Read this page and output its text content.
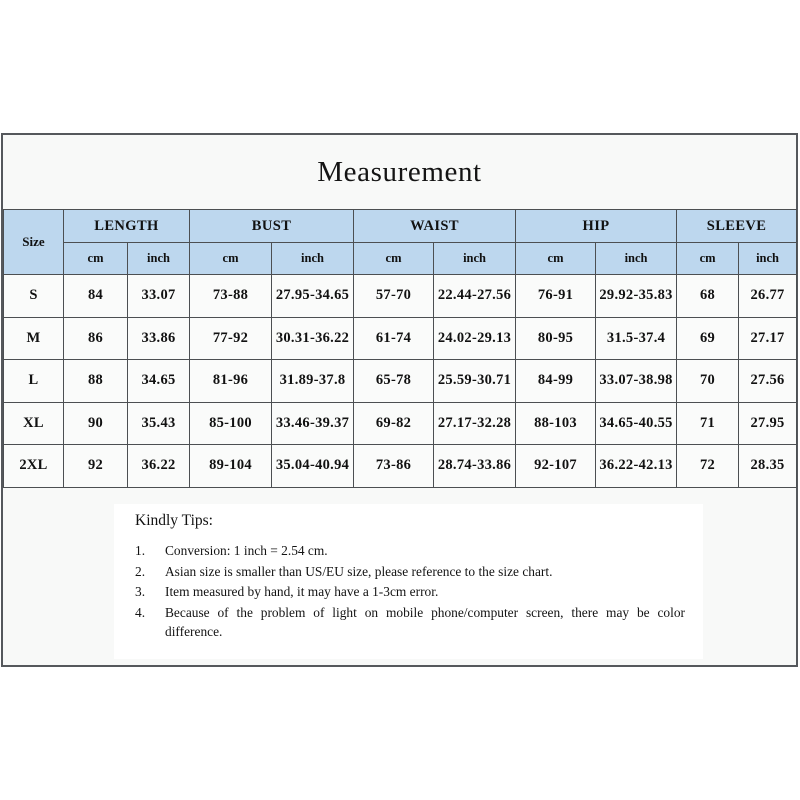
Measurement
Size	LENGTH		BUST		WAIST		HIP		SLEEVE	
	cm	inch	cm	inch	cm	inch	cm	inch	cm	inch
S	84	33.07	73-88	27.95-34.65	57-70	22.44-27.56	76-91	29.92-35.83	68	26.77
M	86	33.86	77-92	30.31-36.22	61-74	24.02-29.13	80-95	31.5-37.4	69	27.17
L	88	34.65	81-96	31.89-37.8	65-78	25.59-30.71	84-99	33.07-38.98	70	27.56
XL	90	35.43	85-100	33.46-39.37	69-82	27.17-32.28	88-103	34.65-40.55	71	27.95
2XL	92	36.22	89-104	35.04-40.94	73-86	28.74-33.86	92-107	36.22-42.13	72	28.35
Kindly Tips:
1.	Conversion: 1 inch = 2.54 cm.
2.	Asian size is smaller than US/EU size, please reference to the size chart.
3.	Item measured by hand, it may have a 1-3cm error.
4.	Because of the problem of light on mobile phone/computer screen, there may be color difference.
